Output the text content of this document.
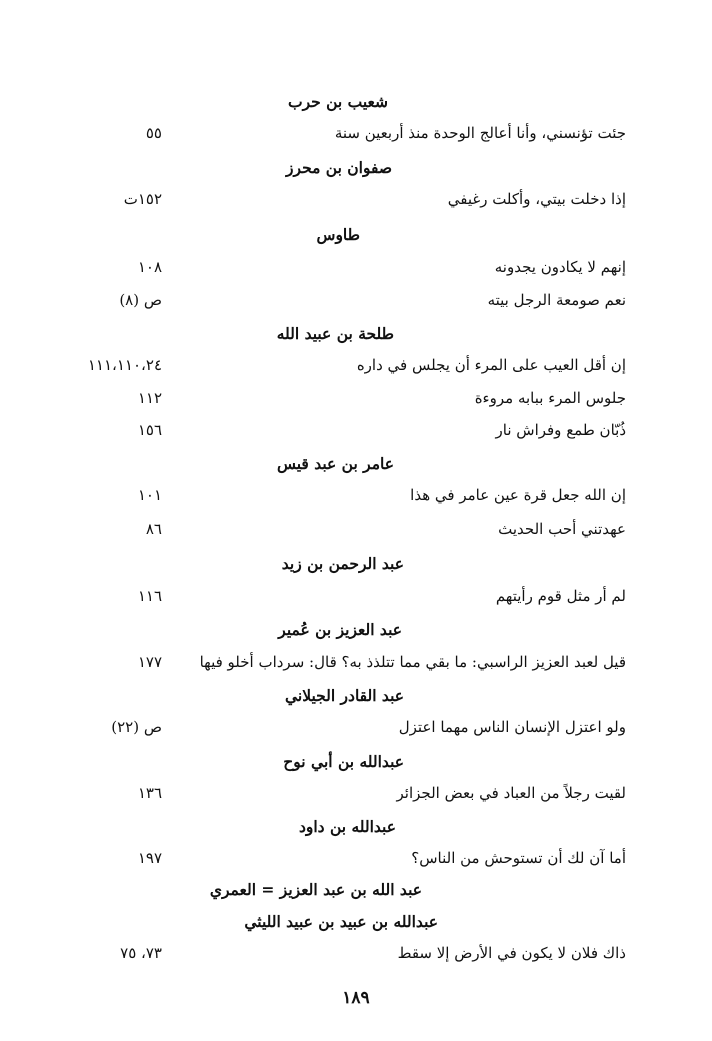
شعيب بن حرب
جئت تؤنسني، وأنا أعالج الوحدة منذ أربعين سنة
٥٥
صفوان بن محرز
إذا دخلت بيتي، وأكلت رغيفي
١٥٢ت
طاوس
إنهم لا يكادون يجدونه
١٠٨
نعم صومعة الرجل بيته
ص (٨)
طلحة بن عبيد الله
إن أقل العيب على المرء أن يجلس في داره
١١١،١١٠،٢٤
جلوس المرء ببابه مروءة
١١٢
ذُبّان طمع وفراش نار
١٥٦
عامر بن عبد قيس
إن الله جعل قرة عين عامر في هذا
١٠١
عهدتني أحب الحديث
٨٦
عبد الرحمن بن زيد
لم أر مثل قوم رأيتهم
١١٦
عبد العزيز بن عُمير
قيل لعبد العزيز الراسبي: ما بقي مما تتلذذ به؟ قال: سرداب أخلو فيها
١٧٧
عبد القادر الجيلاني
ولو اعتزل الإنسان الناس مهما اعتزل
ص (٢٢)
عبدالله بن أبي نوح
لقيت رجلاً من العباد في بعض الجزائر
١٣٦
عبدالله بن داود
أما آن لك أن تستوحش من الناس؟
١٩٧
عبد الله بن عبد العزيز = العمري
عبدالله بن عبيد بن عبيد الليثي
ذاك فلان لا يكون في الأرض إلا سقط
٧٣، ٧٥
١٨٩
